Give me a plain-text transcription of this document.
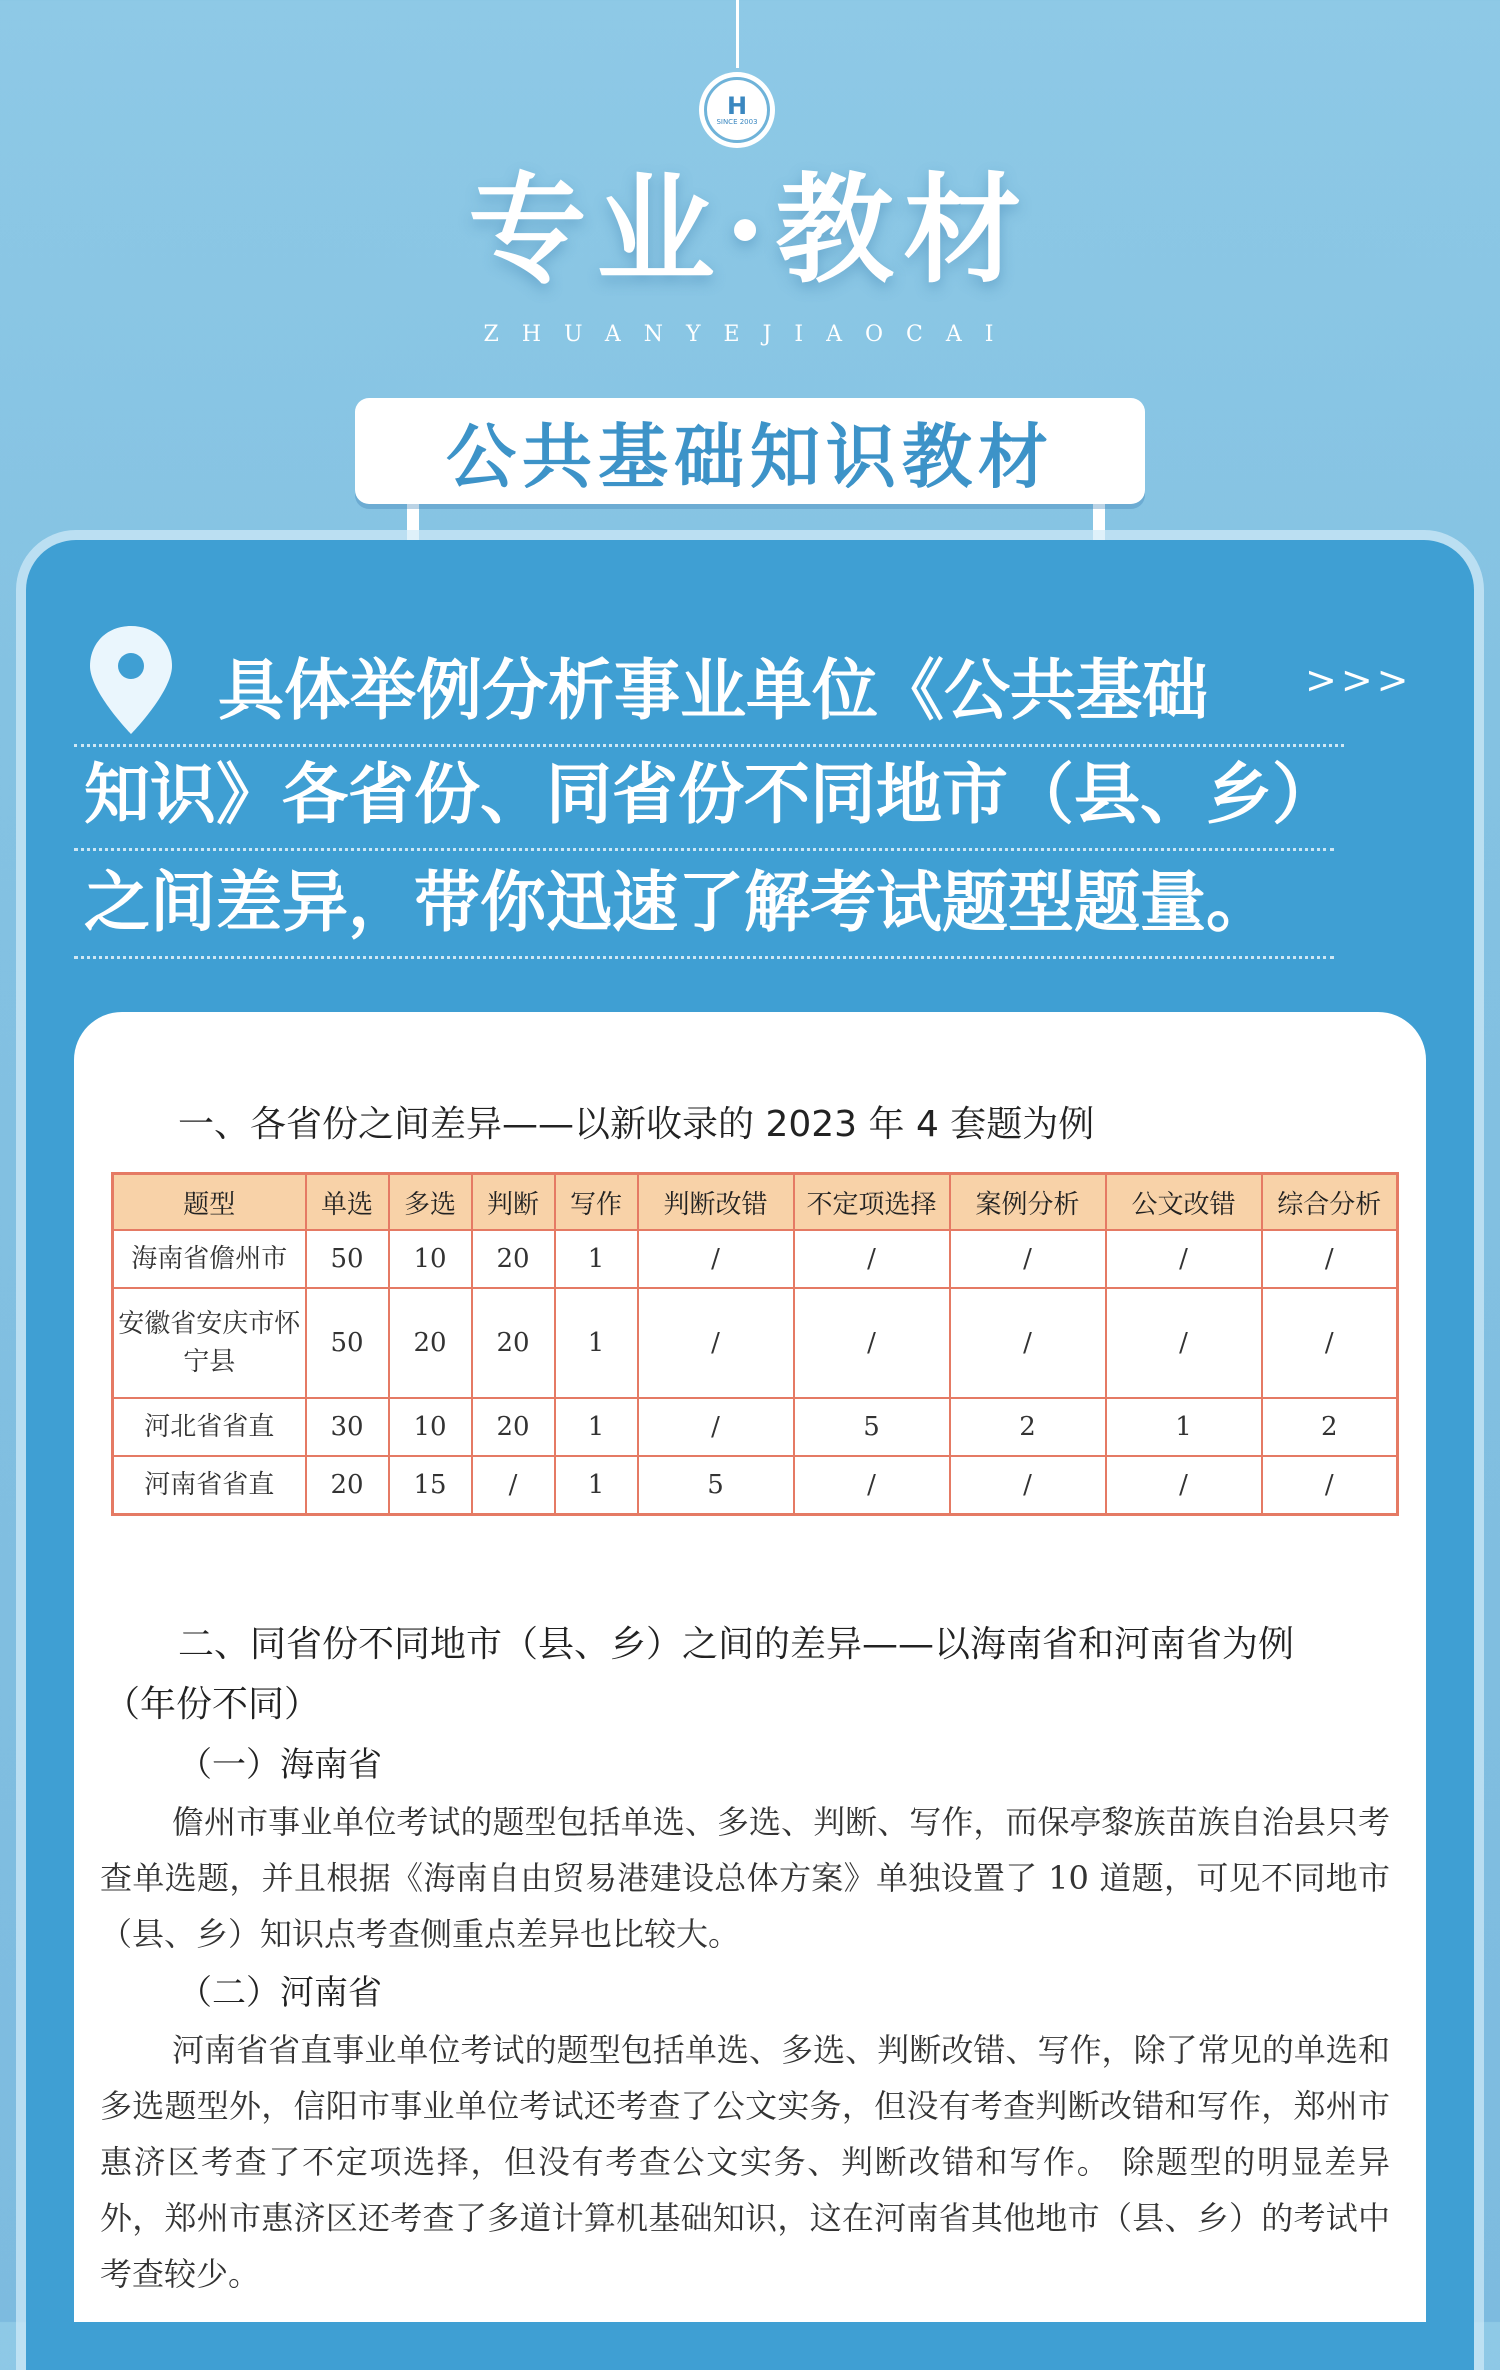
H
SINCE 2003
专业·教材
ZHUANYEJIAOCAI
公共基础知识教材
>>>
具体举例分析事业单位《公共基础
知识》各省份、同省份不同地市（县、乡）
之间差异，带你迅速了解考试题型题量。
一、各省份之间差异——以新收录的 2023 年 4 套题为例
题型	单选	多选	判断	写作	判断改错	不定项选择	案例分析	公文改错	综合分析
海南省儋州市	50	10	20	1	/	/	/	/	/
安徽省安庆市怀宁县	50	20	20	1	/	/	/	/	/
河北省省直	30	10	20	1	/	5	2	1	2
河南省省直	20	15	/	1	5	/	/	/	/
二、同省份不同地市（县、乡）之间的差异——以海南省和河南省为例
（年份不同）
（一）海南省
儋州市事业单位考试的题型包括单选、多选、判断、写作，而保亭黎族苗族自治县只考查单选题，并且根据《海南自由贸易港建设总体方案》单独设置了 10 道题，可见不同地市（县、乡）知识点考查侧重点差异也比较大。
（二）河南省
河南省省直事业单位考试的题型包括单选、多选、判断改错、写作，除了常见的单选和多选题型外，信阳市事业单位考试还考查了公文实务，但没有考查判断改错和写作，郑州市惠济区考查了不定项选择，但没有考查公文实务、判断改错和写作。 除题型的明显差异外，郑州市惠济区还考查了多道计算机基础知识，这在河南省其他地市（县、乡）的考试中考查较少。
